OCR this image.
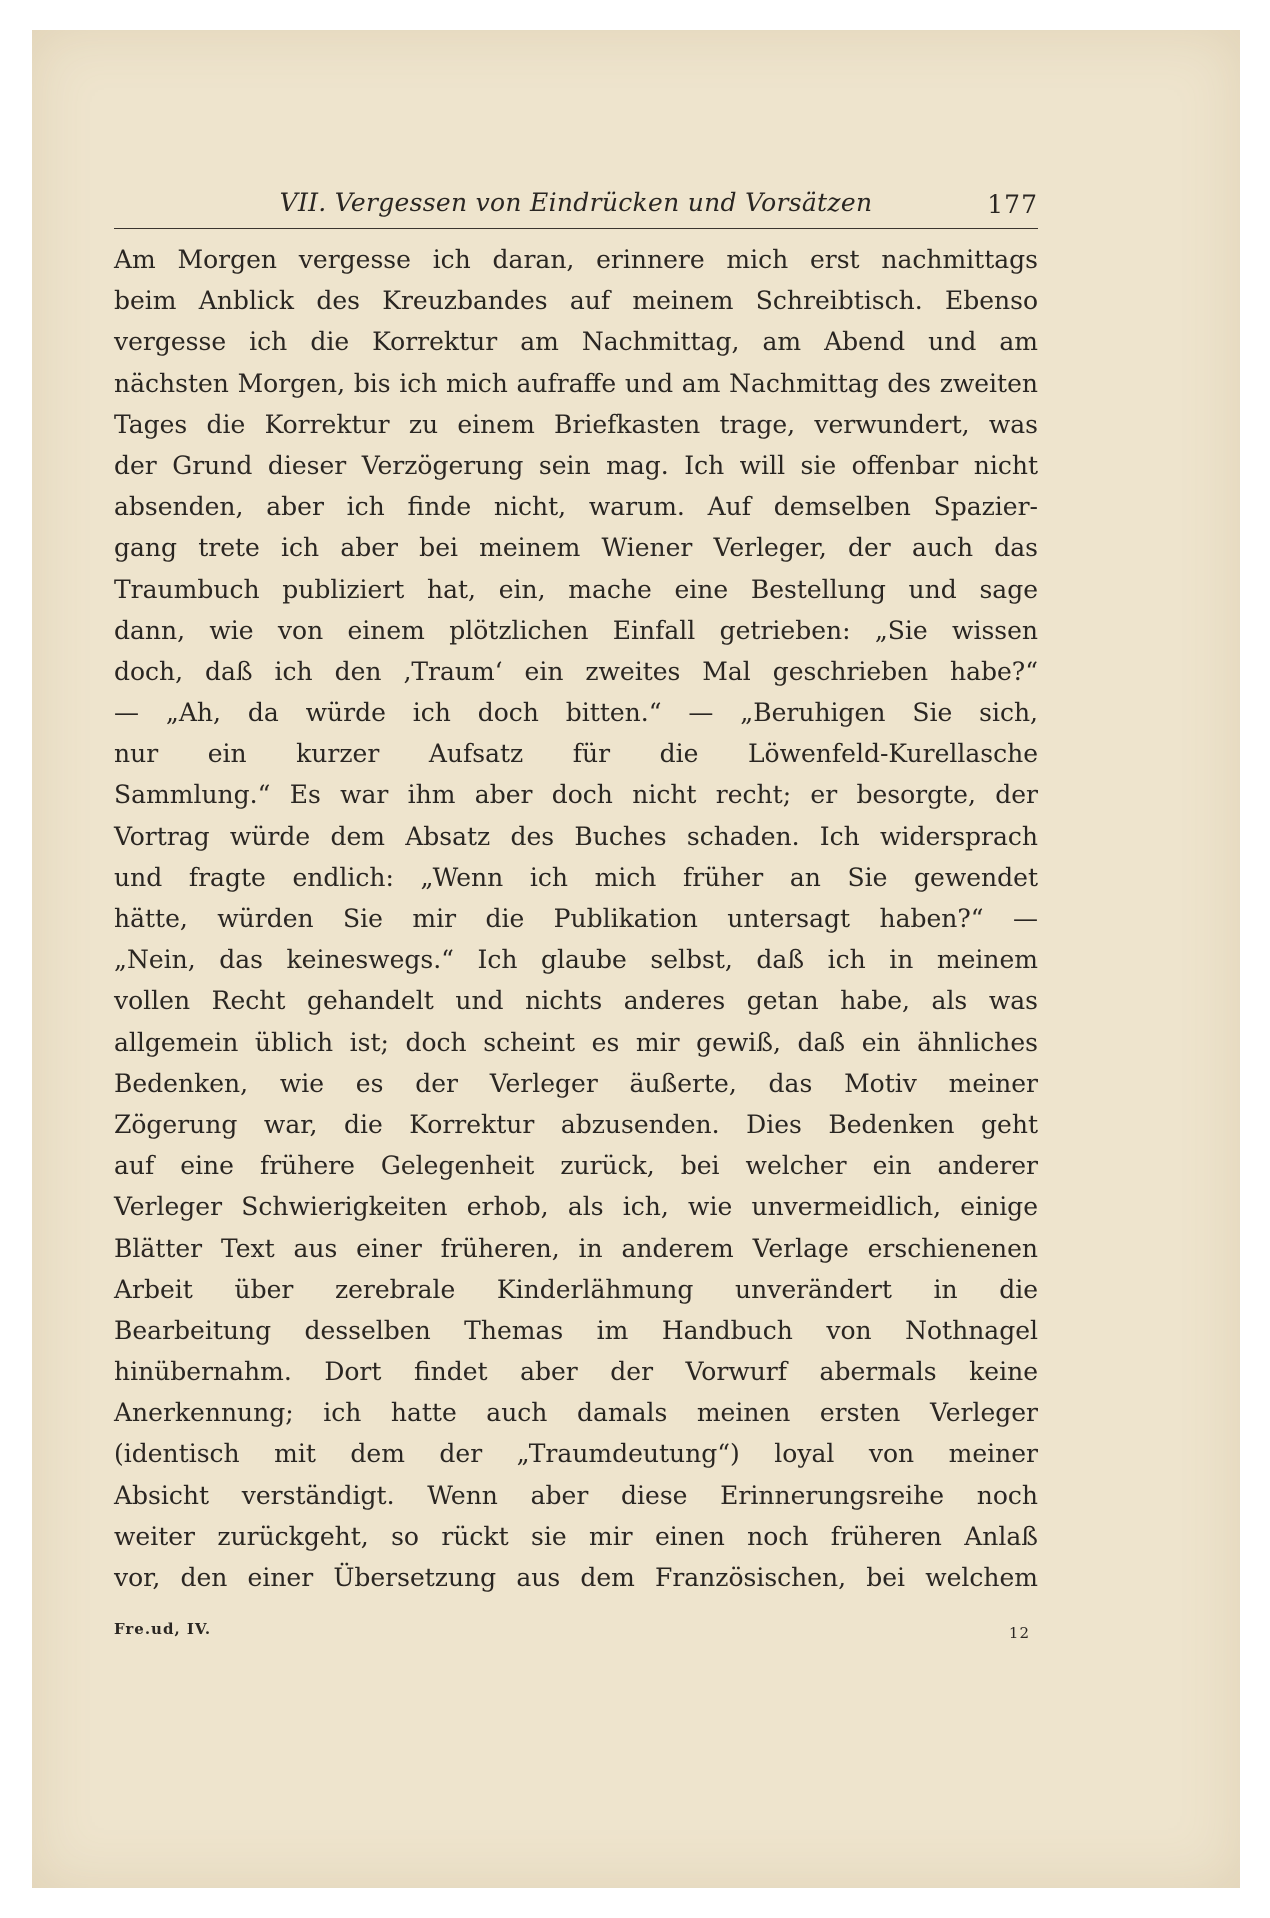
VII. Vergessen von Eindrücken und Vorsätzen	177
Am Morgen vergesse ich daran, erinnere mich erst nachmittags
beim Anblick des Kreuzbandes auf meinem Schreibtisch. Ebenso
vergesse ich die Korrektur am Nachmittag, am Abend und am
nächsten Morgen, bis ich mich aufraffe und am Nachmittag des zweiten
Tages die Korrektur zu einem Briefkasten trage, verwundert, was
der Grund dieser Verzögerung sein mag. Ich will sie offenbar nicht
absenden, aber ich finde nicht, warum. Auf demselben Spazier-
gang trete ich aber bei meinem Wiener Verleger, der auch das
Traumbuch publiziert hat, ein, mache eine Bestellung und sage
dann, wie von einem plötzlichen Einfall getrieben: „Sie wissen
doch, daß ich den ‚Traum‘ ein zweites Mal geschrieben habe?“
— „Ah, da würde ich doch bitten.“ — „Beruhigen Sie sich,
nur ein kurzer Aufsatz für die Löwenfeld-Kurellasche
Sammlung.“ Es war ihm aber doch nicht recht; er besorgte, der
Vortrag würde dem Absatz des Buches schaden. Ich widersprach
und fragte endlich: „Wenn ich mich früher an Sie gewendet
hätte, würden Sie mir die Publikation untersagt haben?“ —
„Nein, das keineswegs.“ Ich glaube selbst, daß ich in meinem
vollen Recht gehandelt und nichts anderes getan habe, als was
allgemein üblich ist; doch scheint es mir gewiß, daß ein ähnliches
Bedenken, wie es der Verleger äußerte, das Motiv meiner
Zögerung war, die Korrektur abzusenden. Dies Bedenken geht
auf eine frühere Gelegenheit zurück, bei welcher ein anderer
Verleger Schwierigkeiten erhob, als ich, wie unvermeidlich, einige
Blätter Text aus einer früheren, in anderem Verlage erschienenen
Arbeit über zerebrale Kinderlähmung unverändert in die
Bearbeitung desselben Themas im Handbuch von Nothnagel
hinübernahm. Dort findet aber der Vorwurf abermals keine
Anerkennung; ich hatte auch damals meinen ersten Verleger
(identisch mit dem der „Traumdeutung“) loyal von meiner
Absicht verständigt. Wenn aber diese Erinnerungsreihe noch
weiter zurückgeht, so rückt sie mir einen noch früheren Anlaß
vor, den einer Übersetzung aus dem Französischen, bei welchem
Fre.ud, IV.	12
